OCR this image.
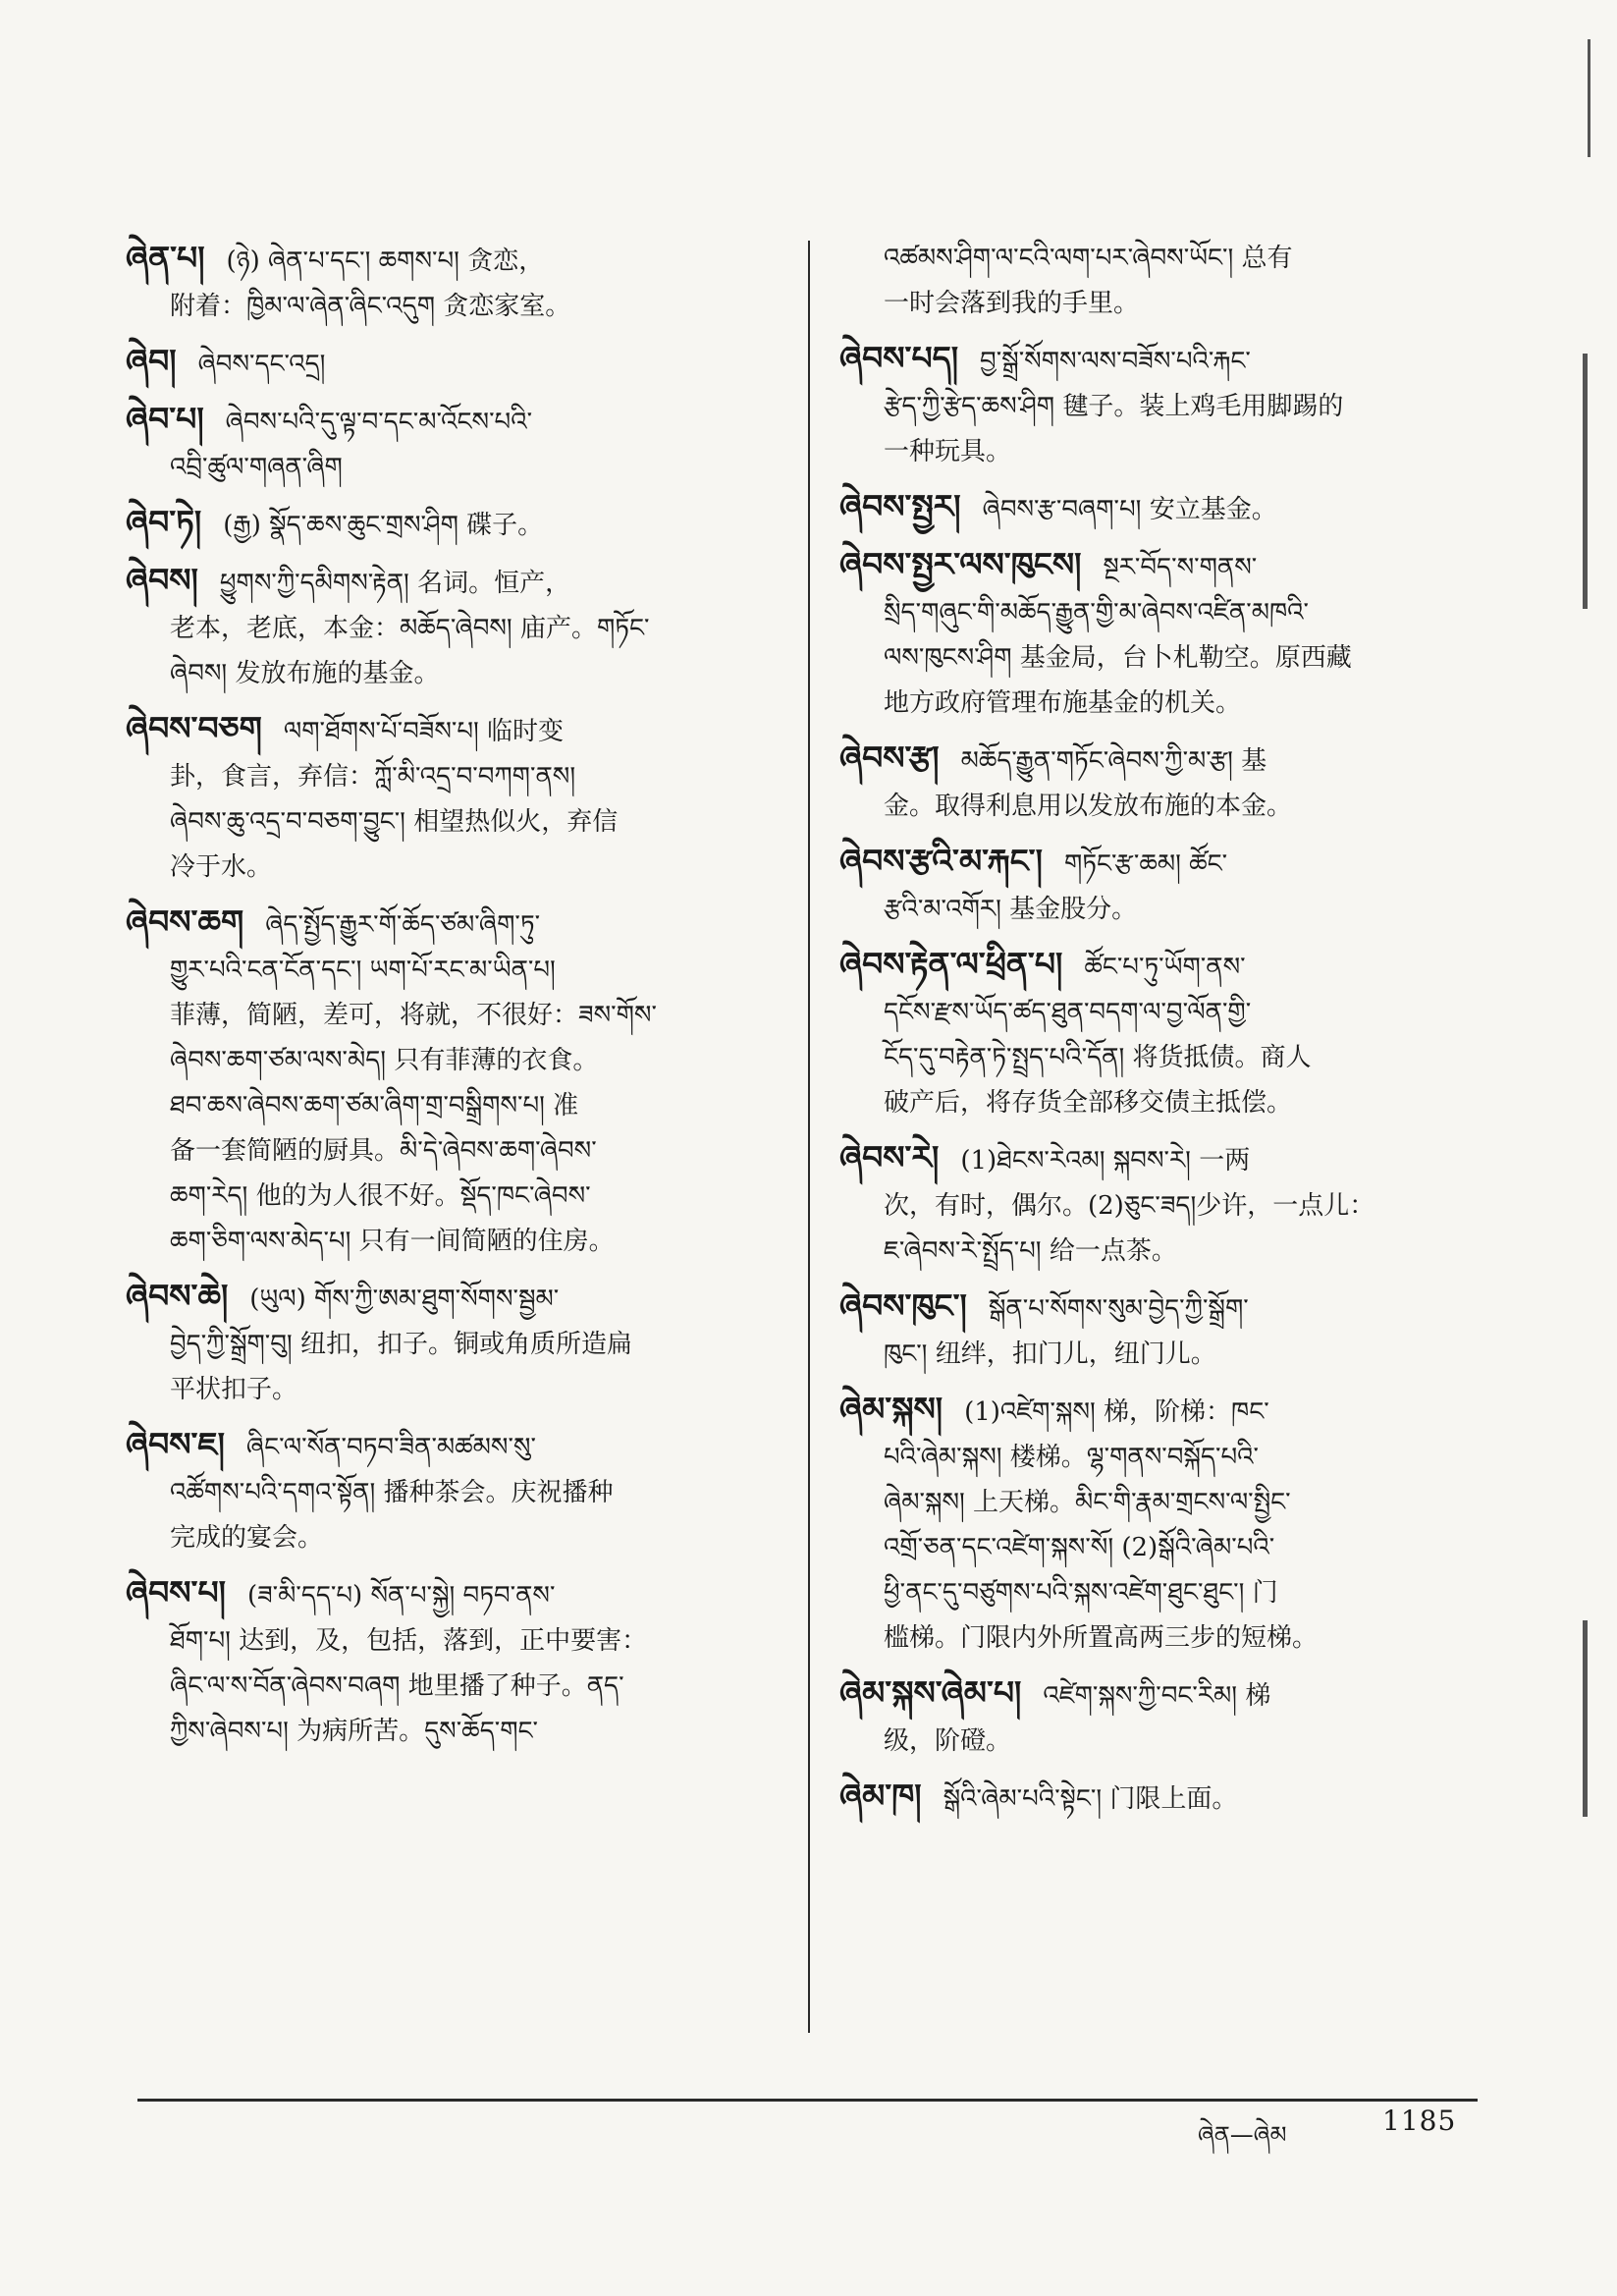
ཞེན་པ། (ཉེ) ཞེན་པ་དང་། ཆགས་པ། 贪恋，
附着：ཁྱིམ་ལ་ཞེན་ཞིང་འདུག 贪恋家室。
ཞེབ། ཞེབས་དང་འདྲ།
ཞེབ་པ། ཞེབས་པའི་དུ་ལྟ་བ་དང་མ་འོངས་པའི་
འབྲི་ཚུལ་གཞན་ཞིག
ཞེབ་ཏེ། (རྒྱ) སྣོད་ཆས་ཆུང་གྲས་ཤིག 碟子。
ཞེབས། ཕྱུགས་ཀྱི་དམིགས་རྟེན། 名词。恒产，
老本，老底，本金：མཆོད་ཞེབས། 庙产。གཏོང་
ཞེབས། 发放布施的基金。
ཞེབས་བཅག ལག་ཐོགས་པོ་བཟོས་པ། 临时变
卦，食言，弃信：ཀློ་མི་འདྲ་བ་བཀག་ནས།
ཞེབས་ཆུ་འདྲ་བ་བཅག་བྱུང་། 相望热似火，弃信
冷于水。
ཞེབས་ཆག ཞེད་སྤྱོད་རྒྱུར་གོ་ཆོད་ཙམ་ཞིག་ཏུ་
གྱུར་པའི་ངན་ངོན་དང་། ཡག་པོ་རང་མ་ཡིན་པ།
菲薄，简陋，差可，将就，不很好：ཟས་གོས་
ཞེབས་ཆག་ཙམ་ལས་མེད། 只有菲薄的衣食。
ཐབ་ཆས་ཞེབས་ཆག་ཙམ་ཞིག་གྲ་བསྒྲིགས་པ། 准
备一套简陋的厨具。མི་དེ་ཞེབས་ཆག་ཞེབས་
ཆག་རེད། 他的为人很不好。སྡོད་ཁང་ཞེབས་
ཆག་ཅིག་ལས་མེད་པ། 只有一间简陋的住房。
ཞེབས་ཆེ། (ཡུལ) གོས་ཀྱི་ཨམ་ཐུག་སོགས་སྦྱམ་
བྱེད་ཀྱི་སྒྲོག་བུ། 纽扣，扣子。铜或角质所造扁
平状扣子。
ཞེབས་ཇ། ཞིང་ལ་སོན་བཏབ་ཟིན་མཚམས་སུ་
འཚོགས་པའི་དགའ་སྟོན། 播种茶会。庆祝播种
完成的宴会。
ཞེབས་པ། (ཟ་མི་དད་པ) སོན་པ་སྐྱེ། བཏབ་ནས་
ཐོག་པ། 达到，及，包括，落到，正中要害：
ཞིང་ལ་ས་བོན་ཞེབས་བཞག 地里播了种子。ནད་
ཀྱིས་ཞེབས་པ། 为病所苦。དུས་ཆོད་གང་
འཚམས་ཤིག་ལ་ངའི་ལག་པར་ཞེབས་ཡོང་། 总有
一时会落到我的手里。
ཞེབས་པད། བྱ་སྒྲོ་སོགས་ལས་བཟོས་པའི་རྐང་
རྩེད་ཀྱི་རྩེད་ཆས་ཤིག 毽子。装上鸡毛用脚踢的
一种玩具。
ཞེབས་སྤྱར། ཞེབས་རྩ་བཞག་པ། 安立基金。
ཞེབས་སྤྱར་ལས་ཁུངས། སྔར་བོད་ས་གནས་
སྲིད་གཞུང་གི་མཆོད་རྒྱུན་གྱི་མ་ཞེབས་འཛིན་མཁའི་
ལས་ཁུངས་ཤིག 基金局，台卜札勒空。原西藏
地方政府管理布施基金的机关。
ཞེབས་རྩ། མཆོད་རྒྱུན་གཏོང་ཞེབས་ཀྱི་མ་རྩ། 基
金。取得利息用以发放布施的本金。
ཞེབས་རྩའི་མ་རྐང་། གཏོང་རྩ་ཆམ། ཚོང་
རྩའི་མ་འགོར། 基金股分。
ཞེབས་རྟེན་ལ་ཕྲིན་པ། ཚོང་པ་ཏུ་ཡོག་ནས་
དངོས་རྫས་ཡོད་ཚད་ཐུན་བདག་ལ་བྱ་ལོན་གྱི་
ངོད་དུ་བརྟེན་ཏེ་སྤྲད་པའི་དོན། 将货抵债。商人
破产后，将存货全部移交债主抵偿。
ཞེབས་རེ། (1)ཐེངས་རེའམ། སྐབས་རེ། 一两
次，有时，偶尔。(2)ཅུང་ཟད།少许，一点儿：
ཇ་ཞེབས་རེ་སྤྲོད་པ། 给一点茶。
ཞེབས་ཁུང་། སྒོན་པ་སོགས་སུམ་བྱེད་ཀྱི་སྒྲོག་
ཁུང་། 纽绊，扣门儿，纽门儿。
ཞེམ་སྐས། (1)འཛེག་སྐས། 梯，阶梯：ཁང་
པའི་ཞེམ་སྐས། 楼梯。ལྷ་གནས་བསྐོད་པའི་
ཞེམ་སྐས། 上天梯。མིང་གི་རྣམ་གྲངས་ལ་སྤྱིང་
འགྲོ་ཅན་དང་འཛེག་སྐས་སོ། (2)སྒོའི་ཞེམ་པའི་
ཕྱི་ནང་དུ་བཙུགས་པའི་སྐས་འཛེག་ཐུང་ཐུང་། 门
槛梯。门限内外所置高两三步的短梯。
ཞེམ་སྐས་ཞེམ་པ། འཛེག་སྐས་ཀྱི་བང་རིམ། 梯
级，阶磴。
ཞེམ་ཁ། སྒོའི་ཞེམ་པའི་སྟེང་། 门限上面。
ཞེན—ཞེམ	1185
